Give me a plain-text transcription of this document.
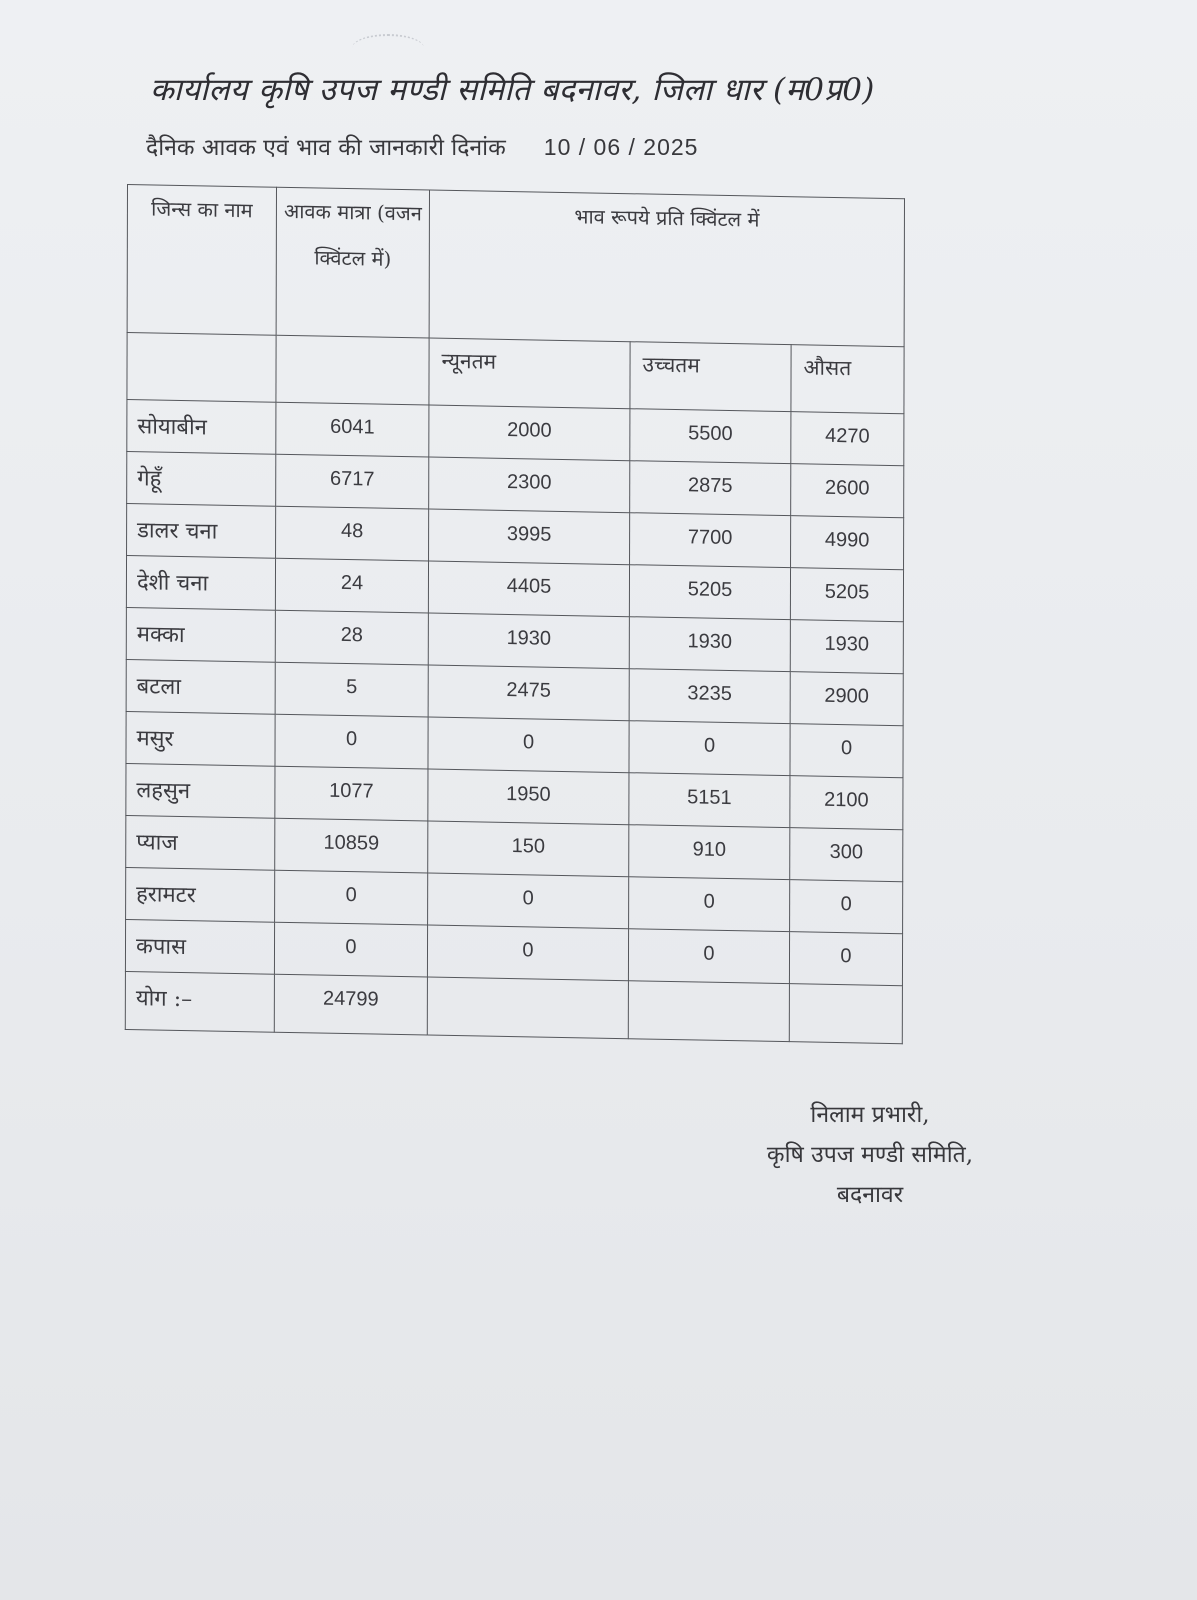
कार्यालय कृषि उपज मण्डी समिति बदनावर, जिला धार (म0प्र0)
दैनिक आवक एवं भाव की जानकारी दिनांक 10 / 06 / 2025
जिन्स का नाम	आवक मात्रा (वजन क्विंटल में)	भाव रूपये प्रति क्विंटल में		
		न्यूनतम	उच्चतम	औसत
सोयाबीन	6041	2000	5500	4270
गेहूँ	6717	2300	2875	2600
डालर चना	48	3995	7700	4990
देशी चना	24	4405	5205	5205
मक्का	28	1930	1930	1930
बटला	5	2475	3235	2900
मसुर	0	0	0	0
लहसुन	1077	1950	5151	2100
प्याज	10859	150	910	300
हरामटर	0	0	0	0
कपास	0	0	0	0
योग :–	24799			
निलाम प्रभारी,
कृषि उपज मण्डी समिति,
बदनावर
